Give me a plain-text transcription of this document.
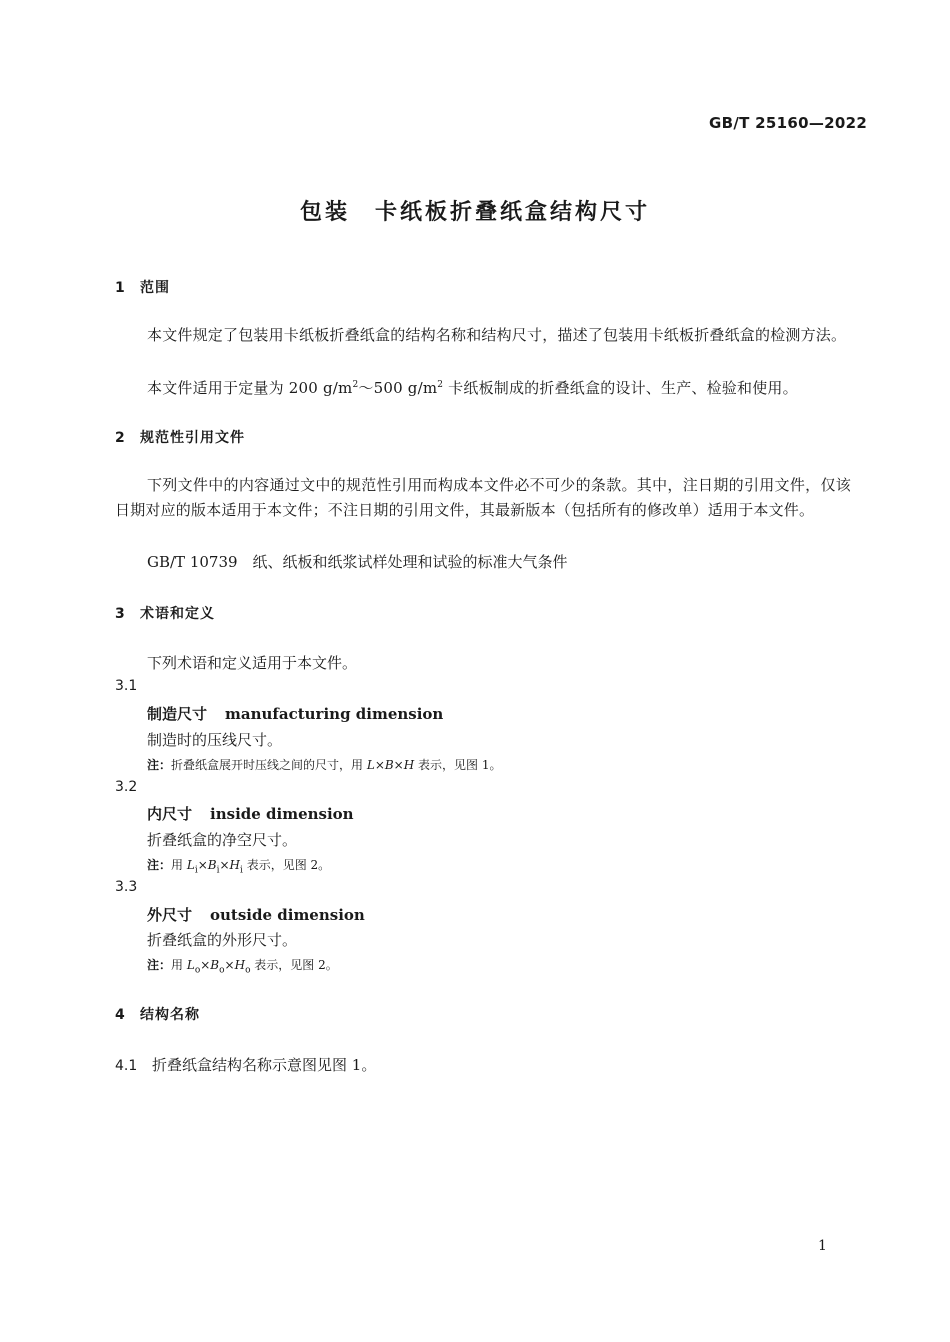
GB/T 25160—2022
包装　卡纸板折叠纸盒结构尺寸
1 范围
本文件规定了包装用卡纸板折叠纸盒的结构名称和结构尺寸，描述了包装用卡纸板折叠纸盒的检测方法。
本文件适用于定量为 200 $g/m^2\sim 500$ $g/m^2$ 卡纸板制成的折叠纸盒的设计、生产、检验和使用。
2 规范性引用文件
下列文件中的内容通过文中的规范性引用而构成本文件必不可少的条款。其中，注日期的引用文件，仅该日期对应的版本适用于本文件；不注日期的引用文件，其最新版本（包括所有的修改单）适用于本文件。
GB/T 10739　纸、纸板和纸浆试样处理和试验的标准大气条件
3 术语和定义
下列术语和定义适用于本文件。
3.1
制造尺寸 manufacturing dimension
制造时的压线尺寸。
注：折叠纸盒展开时压线之间的尺寸，用 L×B×H 表示，见图 1。
3.2
内尺寸 inside dimension
折叠纸盒的净空尺寸。
注：用 $L_i\times B_i\times H_i$ 表示，见图 2。
3.3
外尺寸 outside dimension
折叠纸盒的外形尺寸。
注：用 $L_o\times B_o\times H_o$ 表示，见图 2。
4 结构名称
4.1 折叠纸盒结构名称示意图见图 1。
1
